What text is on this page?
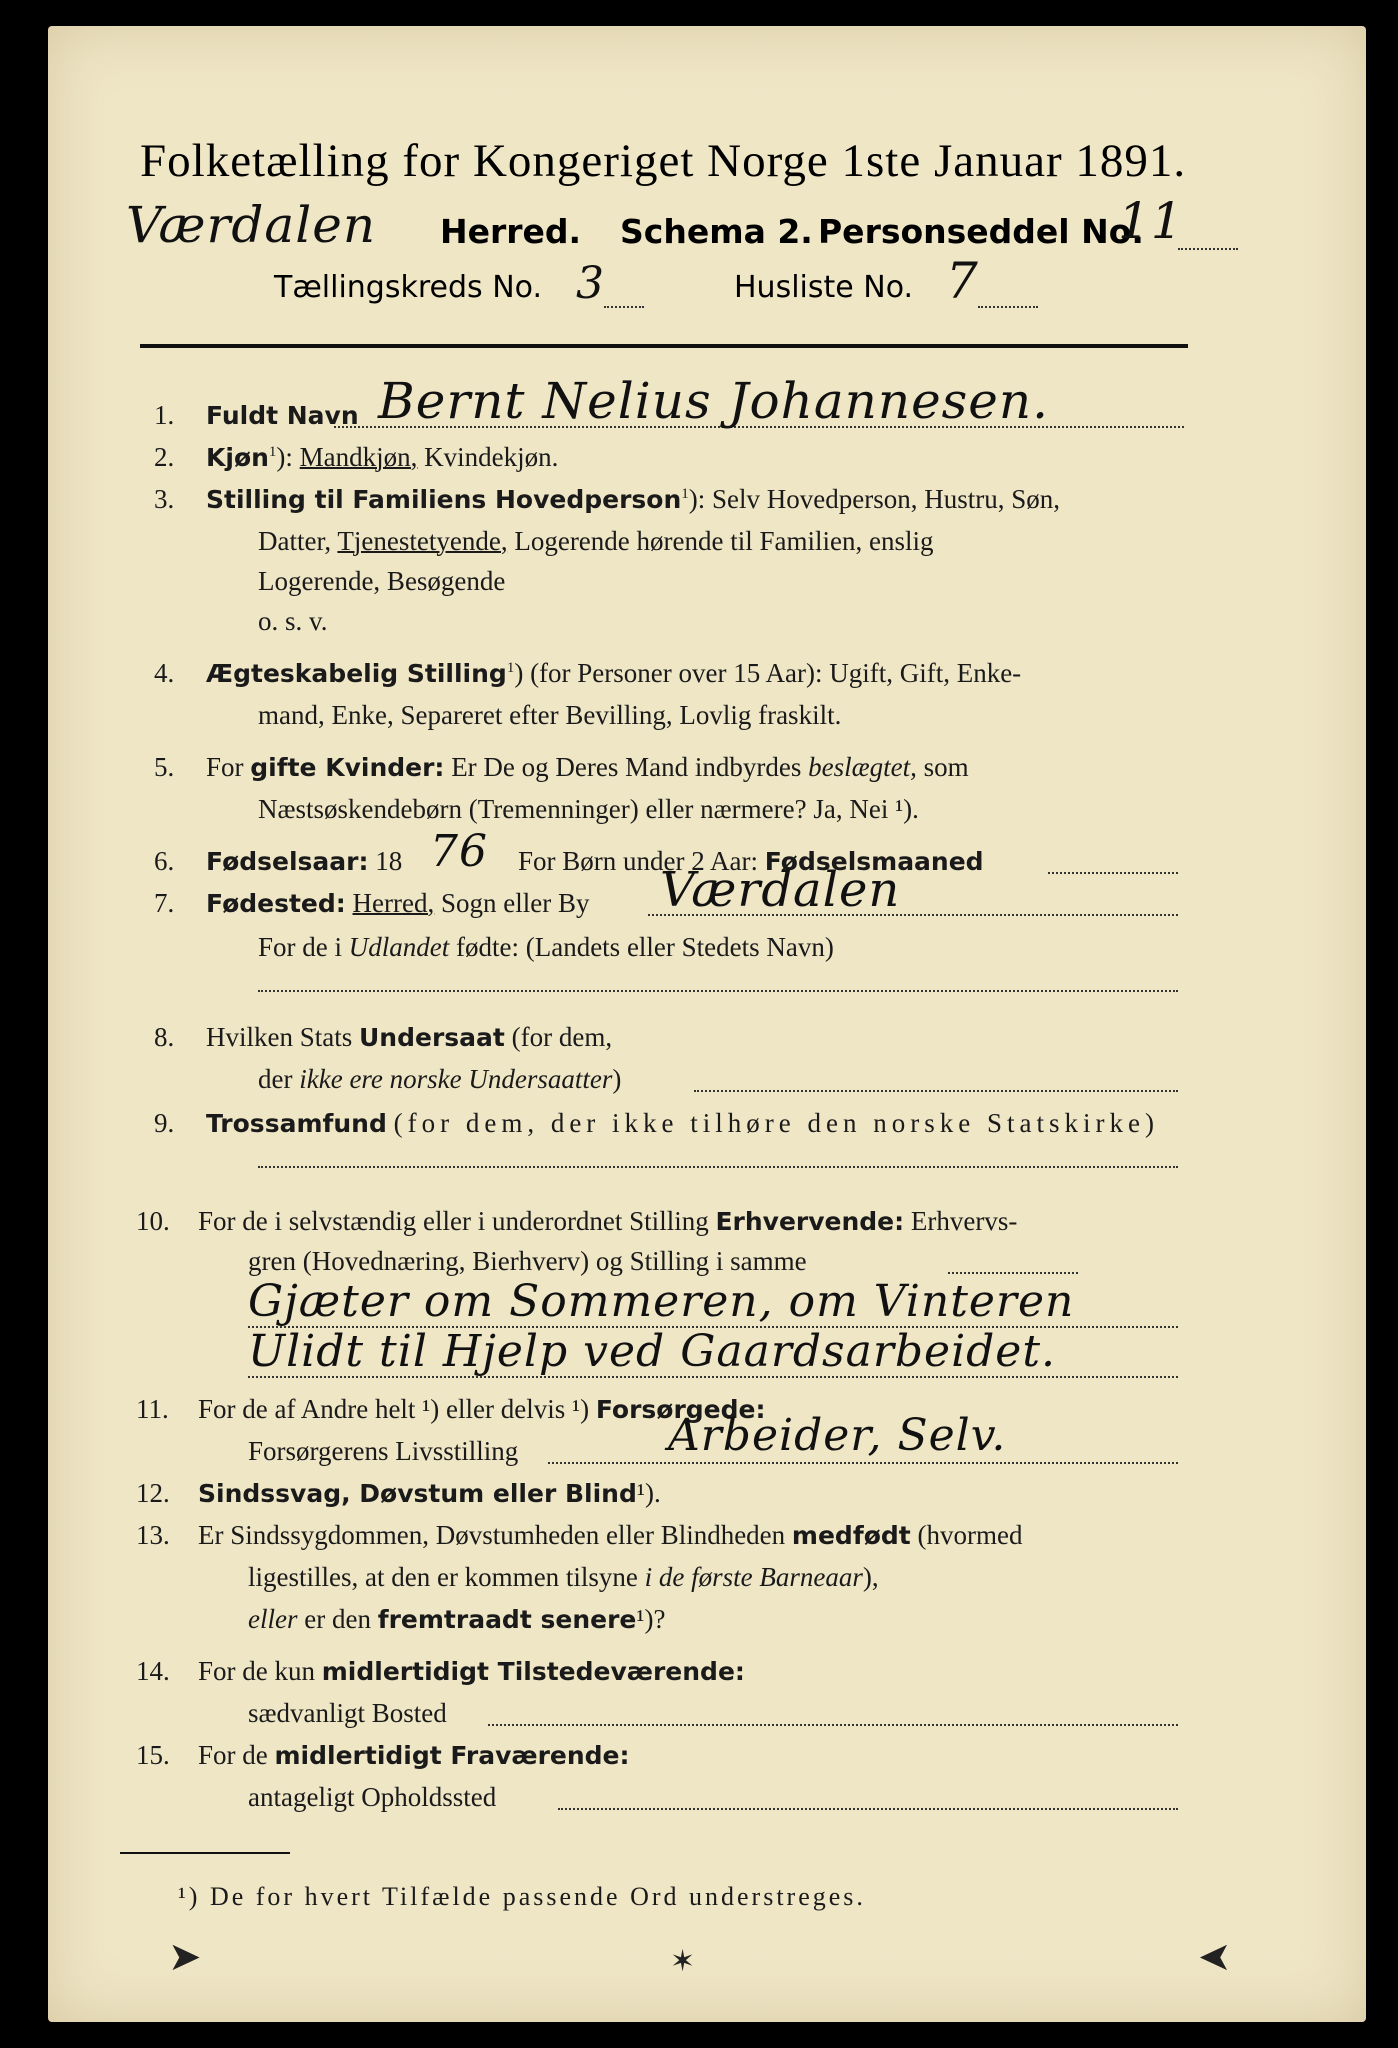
Folketælling for Kongeriget Norge 1ste Januar 1891.
Værdalen Herred. Schema 2. Personseddel No.
11
Tællingskreds No. 3	Husliste No. 7
1. Fuldt Navn Bernt Nelius Johannesen.
2. Kjøn$^1$): Mandkjøn, Kvindekjøn.
3. Stilling til Familiens Hovedperson$^1$): Selv Hovedperson, Hustru, Søn,
Datter, Tjenestetyende, Logerende hørende til Familien, enslig
Logerende, Besøgende
o. s. v.
4. Ægteskabelig Stilling$^1$) (for Personer over 15 Aar): Ugift, Gift, Enke-
mand, Enke, Separeret efter Bevilling, Lovlig fraskilt.
5. For gifte Kvinder: Er De og Deres Mand indbyrdes beslægtet, som
Næstsøskendebørn (Tremenninger) eller nærmere? Ja, Nei ¹).
6. Fødselsaar: 18 76 For Børn under 2 Aar: Fødselsmaaned
7. Fødested: Herred, Sogn eller By Værdalen
For de i Udlandet fødte: (Landets eller Stedets Navn)
8. Hvilken Stats Undersaat (for dem,
der ikke ere norske Undersaatter)
9. Trossamfund (for dem, der ikke tilhøre den norske Statskirke)
10. For de i selvstændig eller i underordnet Stilling Erhvervende: Erhvervs-
gren (Hovednæring, Bierhverv) og Stilling i samme
Gjæter om Sommeren, om Vinteren
Ulidt til Hjelp ved Gaardsarbeidet.
11. For de af Andre helt ¹) eller delvis ¹) Forsørgede:
Forsørgerens Livsstilling	Arbeider, Selv.
12. Sindssvag, Døvstum eller Blind¹).
13. Er Sindssygdommen, Døvstumheden eller Blindheden medfødt (hvormed
ligestilles, at den er kommen tilsyne i de første Barneaar),
eller er den fremtraadt senere¹)?
14. For de kun midlertidigt Tilstedeværende:
sædvanligt Bosted
15. For de midlertidigt Fraværende:
antageligt Opholdssted
¹) De for hvert Tilfælde passende Ord understreges.
➤	✶	➤
